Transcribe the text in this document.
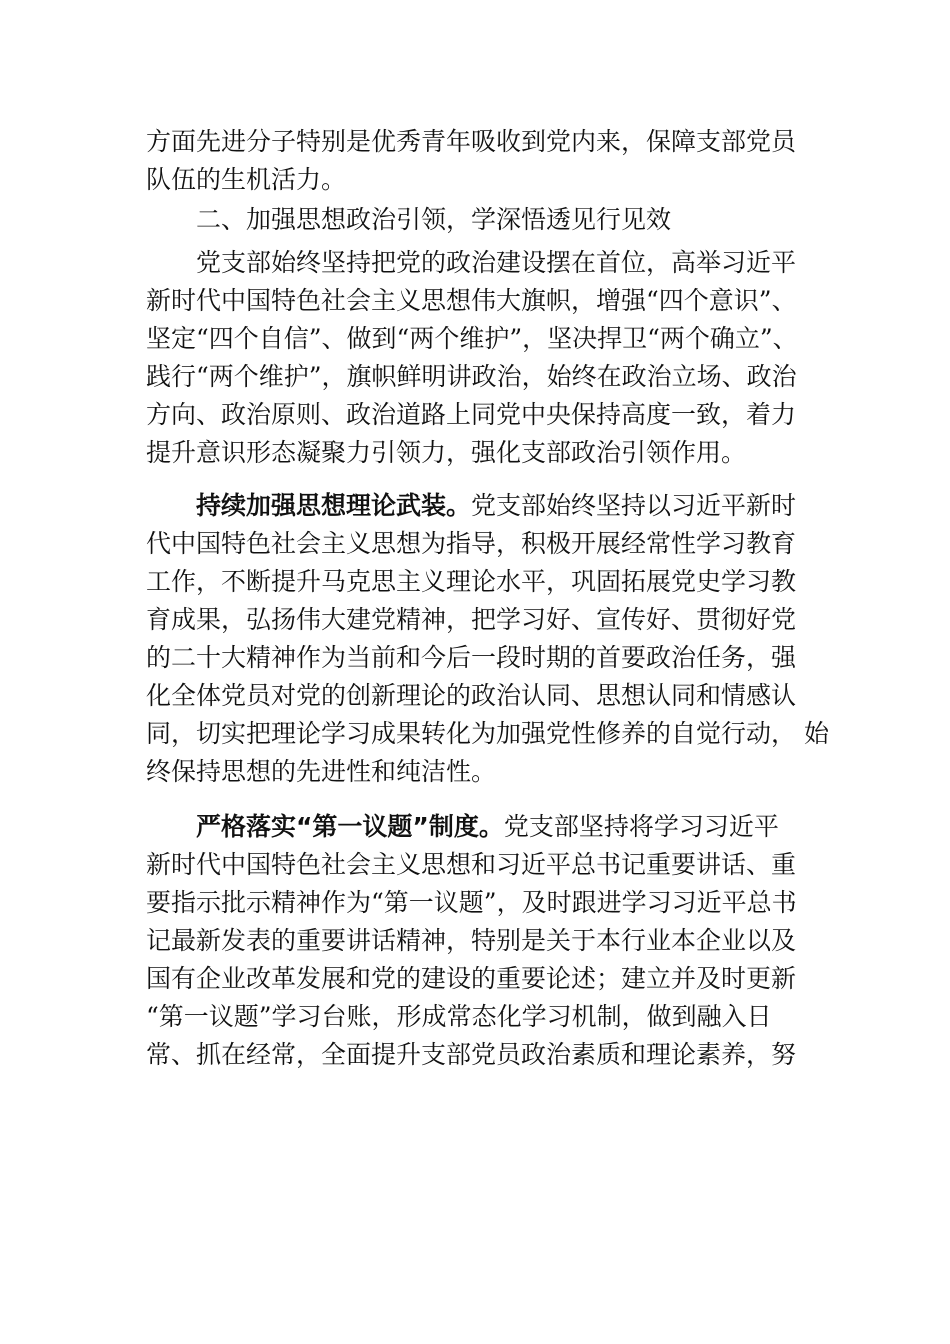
方面先进分子特别是优秀青年吸收到党内来，保障支部党员
队伍的生机活力。
二、加强思想政治引领，学深悟透见行见效
党支部始终坚持把党的政治建设摆在首位，高举习近平
新时代中国特色社会主义思想伟大旗帜，增强“四个意识”、
坚定“四个自信”、做到“两个维护”，坚决捍卫“两个确立”、
践行“两个维护”，旗帜鲜明讲政治，始终在政治立场、政治
方向、政治原则、政治道路上同党中央保持高度一致，着力
提升意识形态凝聚力引领力，强化支部政治引领作用。
持续加强思想理论武装。党支部始终坚持以习近平新时
代中国特色社会主义思想为指导，积极开展经常性学习教育
工作，不断提升马克思主义理论水平，巩固拓展党史学习教
育成果，弘扬伟大建党精神，把学习好、宣传好、贯彻好党
的二十大精神作为当前和今后一段时期的首要政治任务，强
化全体党员对党的创新理论的政治认同、思想认同和情感认
同，切实把理论学习成果转化为加强党性修养的自觉行动， 始
终保持思想的先进性和纯洁性。
严格落实“第一议题”制度。党支部坚持将学习习近平
新时代中国特色社会主义思想和习近平总书记重要讲话、重
要指示批示精神作为“第一议题”，及时跟进学习习近平总书
记最新发表的重要讲话精神，特别是关于本行业本企业以及
国有企业改革发展和党的建设的重要论述；建立并及时更新
“第一议题”学习台账，形成常态化学习机制，做到融入日
常、抓在经常，全面提升支部党员政治素质和理论素养，努
